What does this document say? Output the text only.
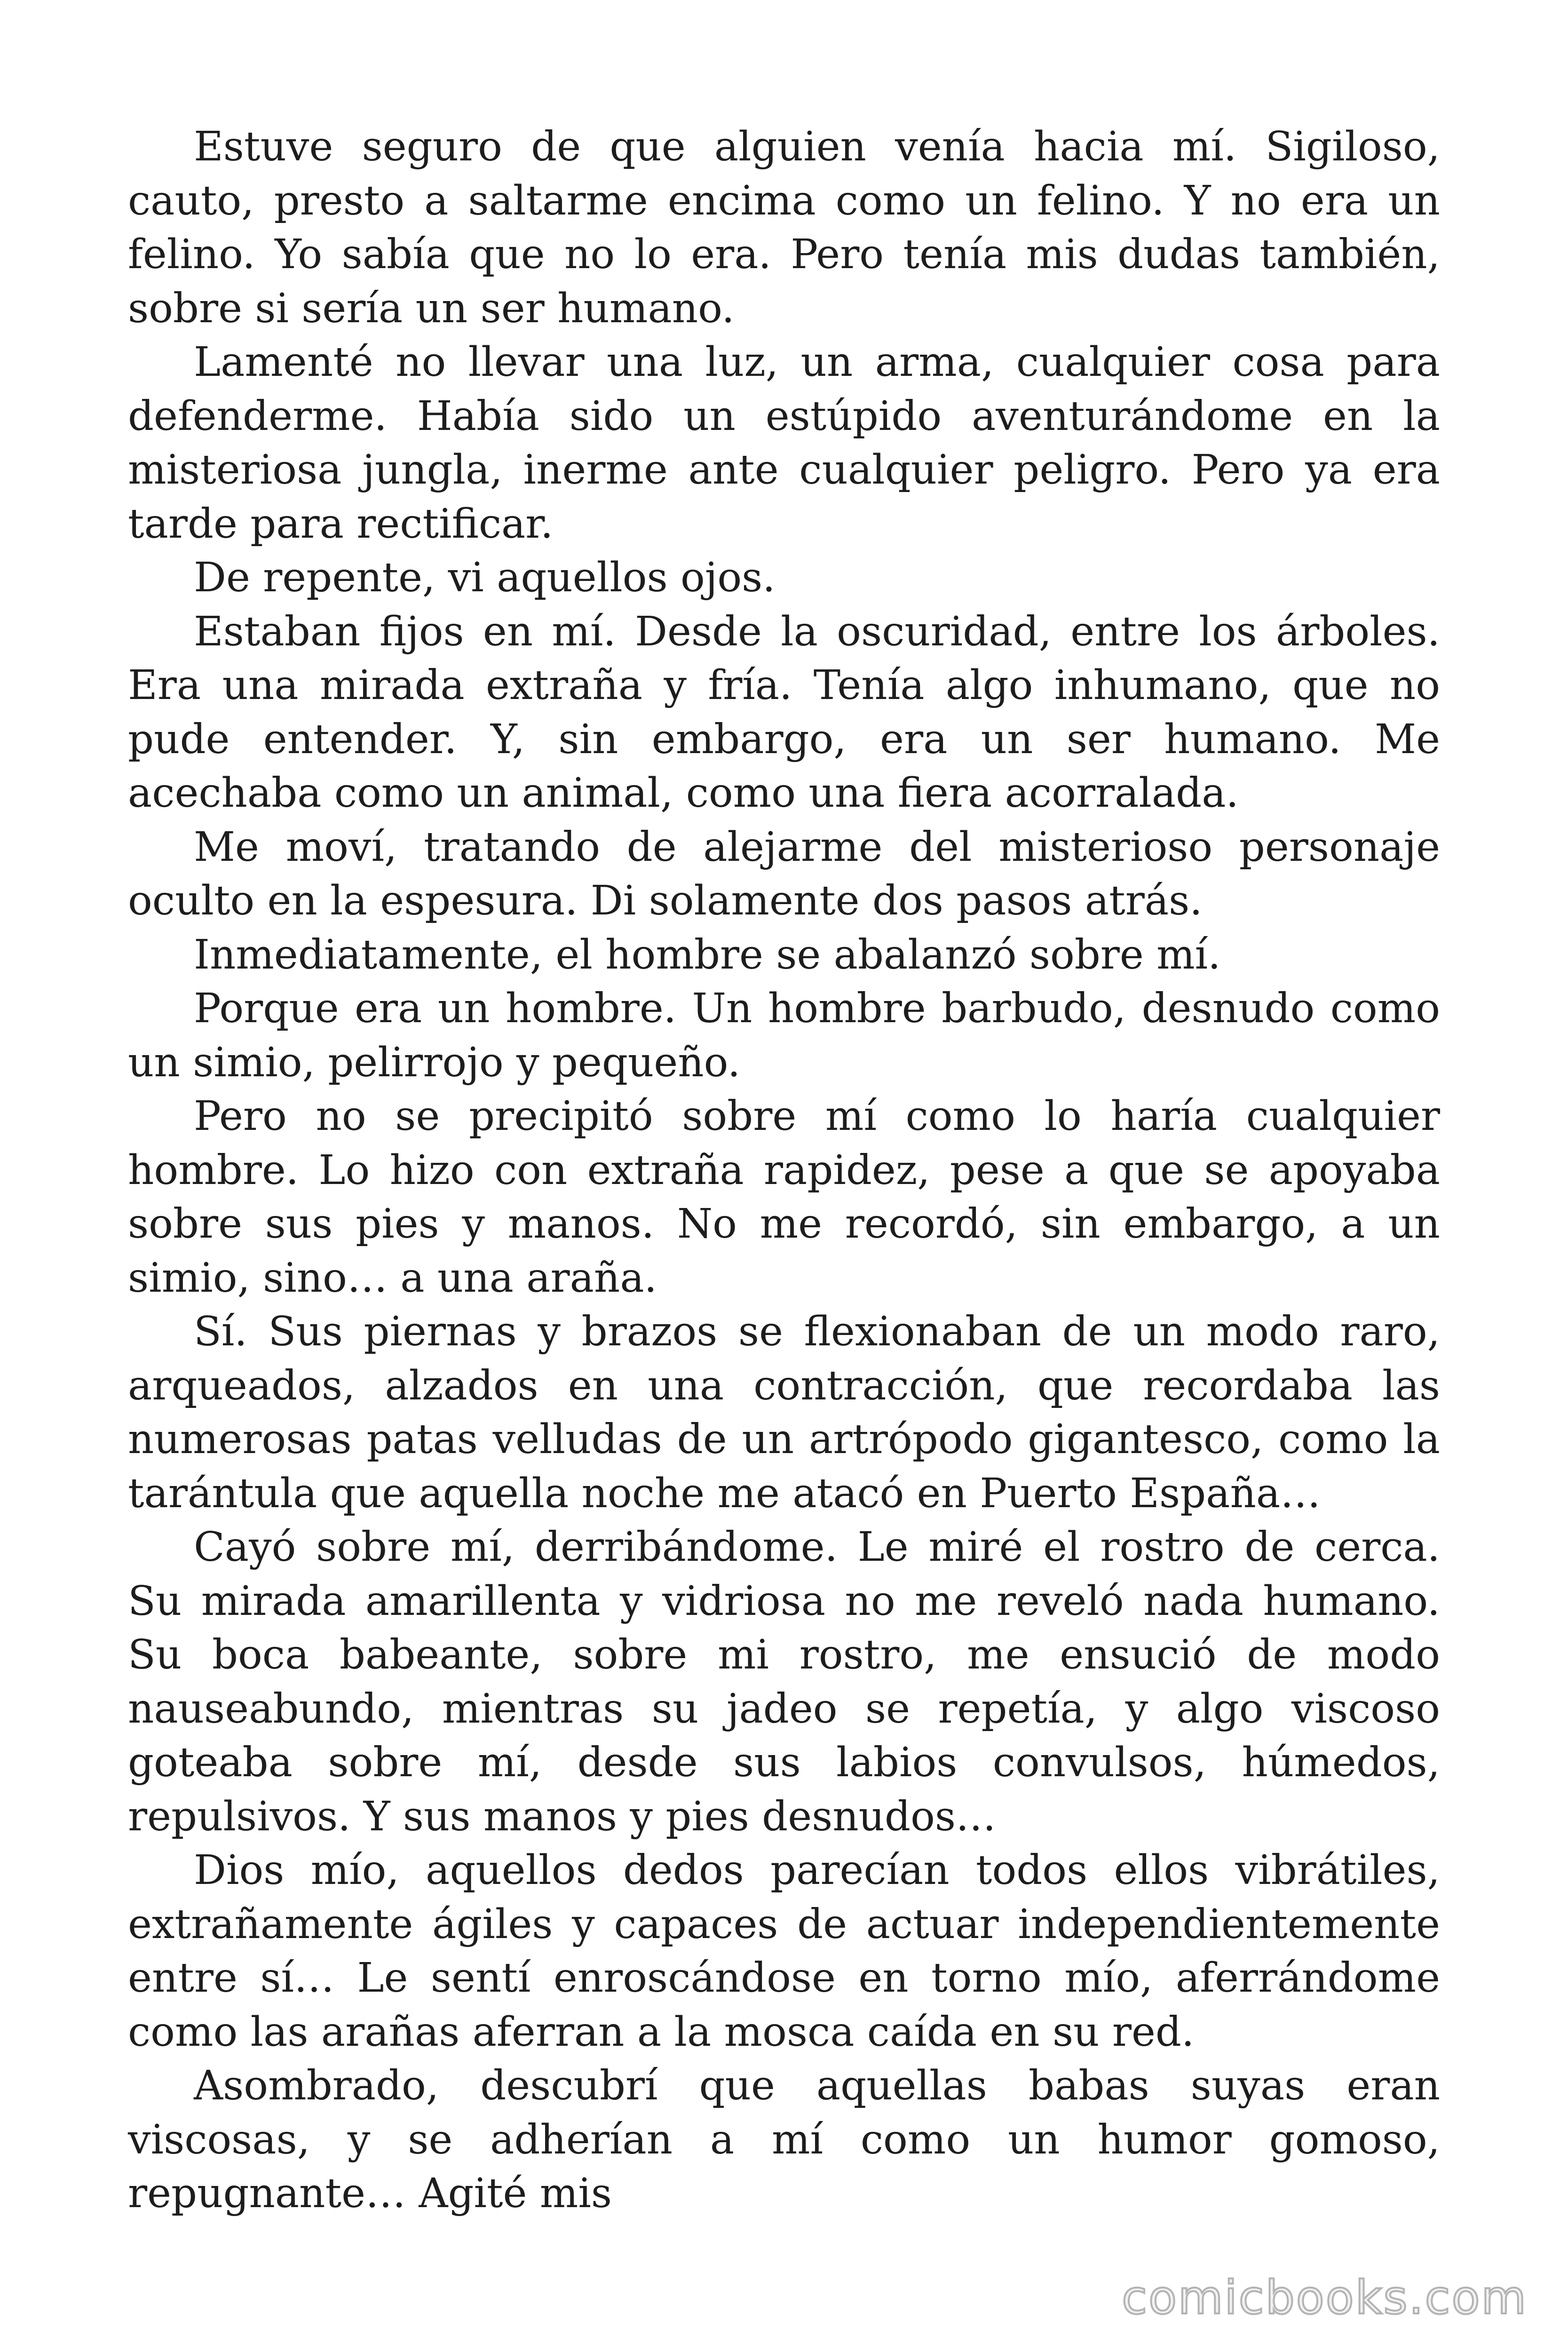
Estuve seguro de que alguien venía hacia mí. Sigiloso, cauto, presto a saltarme encima como un felino. Y no era un felino. Yo sabía que no lo era. Pero tenía mis dudas también, sobre si sería un ser humano.

Lamenté no llevar una luz, un arma, cualquier cosa para defenderme. Había sido un estúpido aventurándome en la misteriosa jungla, inerme ante cualquier peligro. Pero ya era tarde para rectificar.

De repente, vi aquellos ojos.

Estaban fijos en mí. Desde la oscuridad, entre los árboles. Era una mirada extraña y fría. Tenía algo inhumano, que no pude entender. Y, sin embargo, era un ser humano. Me acechaba como un animal, como una fiera acorralada.

Me moví, tratando de alejarme del misterioso personaje oculto en la espesura. Di solamente dos pasos atrás.

Inmediatamente, el hombre se abalanzó sobre mí.

Porque era un hombre. Un hombre barbudo, desnudo como un simio, pelirrojo y pequeño.

Pero no se precipitó sobre mí como lo haría cualquier hombre. Lo hizo con extraña rapidez, pese a que se apoyaba sobre sus pies y manos. No me recordó, sin embargo, a un simio, sino… a una araña.

Sí. Sus piernas y brazos se flexionaban de un modo raro, arqueados, alzados en una contracción, que recordaba las numerosas patas velludas de un artrópodo gigantesco, como la tarántula que aquella noche me atacó en Puerto España…

Cayó sobre mí, derribándome. Le miré el rostro de cerca. Su mirada amarillenta y vidriosa no me reveló nada humano. Su boca babeante, sobre mi rostro, me ensució de modo nauseabundo, mientras su jadeo se repetía, y algo viscoso goteaba sobre mí, desde sus labios convulsos, húmedos, repulsivos. Y sus manos y pies desnudos…

Dios mío, aquellos dedos parecían todos ellos vibrátiles, extrañamente ágiles y capaces de actuar independientemente entre sí… Le sentí enroscándose en torno mío, aferrándome como las arañas aferran a la mosca caída en su red.

Asombrado, descubrí que aquellas babas suyas eran viscosas, y se adherían a mí como un humor gomoso, repugnante… Agité mis

comicbooks.com
